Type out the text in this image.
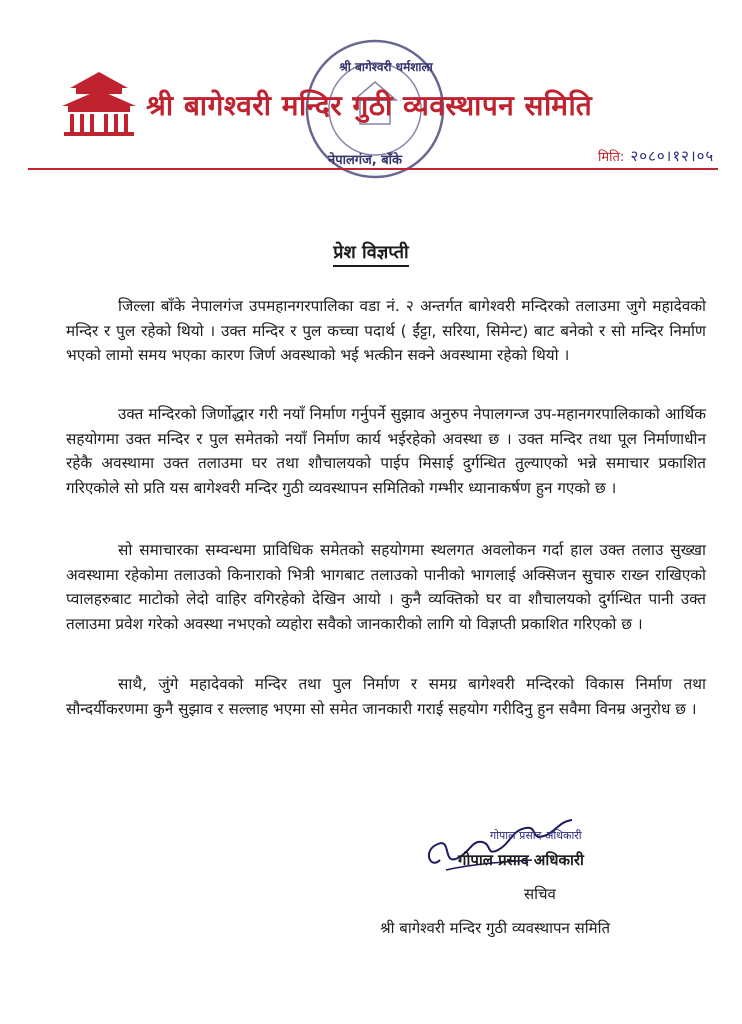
श्री बागेश्वरी धर्मशाला
श्री बागेश्वरी मन्दिर गुठी व्यवस्थापन समिति
नेपालगंज, बाँके	मिति: २०८०।१२।०५
प्रेश विज्ञप्ती

जिल्ला बाँके नेपालगंज उपमहानगरपालिका वडा नं. २ अन्तर्गत बागेश्वरी मन्दिरको तलाउमा जुगे महादेवको मन्दिर र पुल रहेको थियो । उक्त मन्दिर र पुल कच्चा पदार्थ ( ईंट्टा, सरिया, सिमेन्ट) बाट बनेको र सो मन्दिर निर्माण भएको लामो समय भएका कारण जिर्ण अवस्थाको भई भत्कीन सक्ने अवस्थामा रहेको थियो ।

उक्त मन्दिरको जिर्णोद्धार गरी नयाँ निर्माण गर्नुपर्ने सुझाव अनुरुप नेपालगन्ज उप-महानगरपालिकाको आर्थिक सहयोगमा उक्त मन्दिर र पुल समेतको नयाँ निर्माण कार्य भईरहेको अवस्था छ । उक्त मन्दिर तथा पूल निर्माणाधीन रहेकै अवस्थामा उक्त तलाउमा घर तथा शौचालयको पाईप मिसाई दुर्गन्धित तुल्याएको भन्ने समाचार प्रकाशित गरिएकोले सो प्रति यस बागेश्वरी मन्दिर गुठी व्यवस्थापन समितिको गम्भीर ध्यानाकर्षण हुन गएको छ ।

सो समाचारका सम्वन्धमा प्राविधिक समेतको सहयोगमा स्थलगत अवलोकन गर्दा हाल उक्त तलाउ सुख्खा अवस्थामा रहेकोमा तलाउको किनाराको भित्री भागबाट तलाउको पानीको भागलाई अक्सिजन सुचारु राख्न राखिएको प्वालहरुबाट माटोको लेदो वाहिर वगिरहेको देखिन आयो । कुनै व्यक्तिको घर वा शौचालयको दुर्गन्धित पानी उक्त तलाउमा प्रवेश गरेको अवस्था नभएको व्यहोरा सवैको जानकारीको लागि यो विज्ञप्ती प्रकाशित गरिएको छ ।

साथै, जुंगे महादेवको मन्दिर तथा पुल निर्माण र समग्र बागेश्वरी मन्दिरको विकास निर्माण तथा सौन्दर्यीकरणमा कुनै सुझाव र सल्लाह भएमा सो समेत जानकारी गराई सहयोग गरीदिनु हुन सवैमा विनम्र अनुरोध छ ।

गोपाल प्रसाद अधिकारी
गोपाल प्रसाद अधिकारी
सचिव
श्री बागेश्वरी मन्दिर गुठी व्यवस्थापन समिति
